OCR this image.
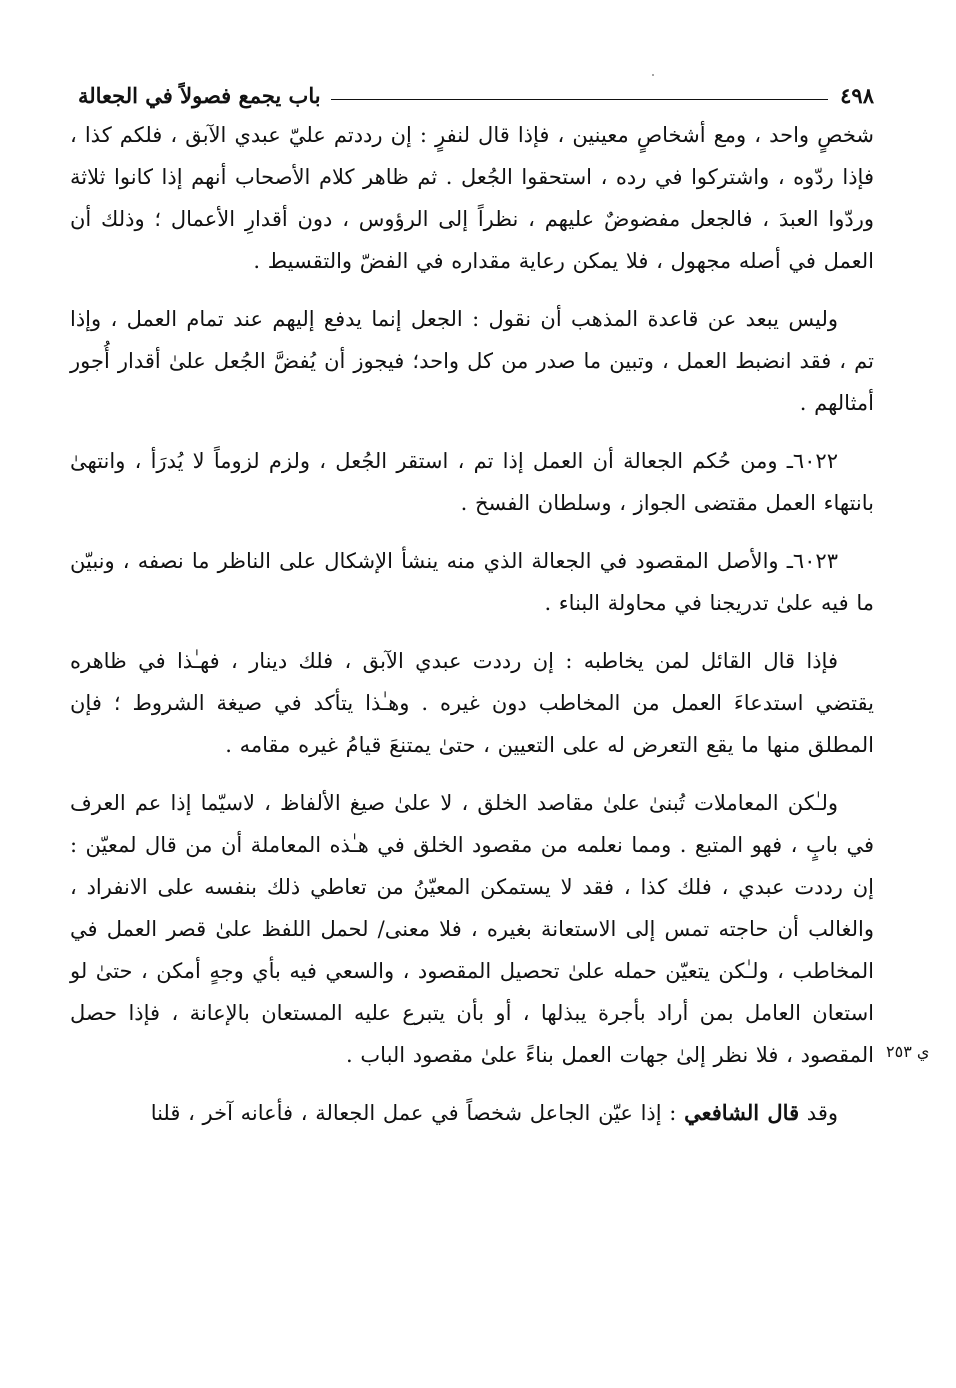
٤٩٨
باب يجمع فصولاً في الجعالة

شخصٍ واحد ، ومع أشخاصٍ معينين ، فإذا قال لنفرٍ : إن رددتم عليّ عبدي الآبق ، فلكم كذا ، فإذا ردّوه ، واشتركوا في رده ، استحقوا الجُعل . ثم ظاهر كلام الأصحاب أنهم إذا كانوا ثلاثة وردّوا العبدَ ، فالجعل مفضوضٌ عليهم ، نظراً إلى الرؤوس ، دون أقدارِ الأعمال ؛ وذلك أن العمل في أصله مجهول ، فلا يمكن رعاية مقداره في الفضّ والتقسيط .

وليس يبعد عن قاعدة المذهب أن نقول : الجعل إنما يدفع إليهم عند تمام العمل ، وإذا تم ، فقد انضبط العمل ، وتبين ما صدر من كل واحد؛ فيجوز أن يُفضَّ الجُعل علىٰ أقدار أُجور أمثالهم .

٦٠٢٢ـ ومن حُكم الجعالة أن العمل إذا تم ، استقر الجُعل ، ولزم لزوماً لا يُدرَأ ، وانتهىٰ بانتهاء العمل مقتضى الجواز ، وسلطان الفسخ .

٦٠٢٣ـ والأصل المقصود في الجعالة الذي منه ينشأ الإشكال على الناظر ما نصفه ، ونبيّن ما فيه علىٰ تدريجنا في محاولة البناء .

فإذا قال القائل لمن يخاطبه : إن رددت عبدي الآبق ، فلك دينار ، فهـٰذا في ظاهره يقتضي استدعاءَ العمل من المخاطب دون غيره . وهـٰذا يتأكد في صيغة الشروط ؛ فإن المطلق منها ما يقع التعرض له على التعيين ، حتىٰ يمتنعَ قيامُ غيره مقامه .

ولـٰكن المعاملات تُبنىٰ علىٰ مقاصد الخلق ، لا علىٰ صيغ الألفاظ ، لاسيّما إذا عم العرف في بابٍ ، فهو المتبع . ومما نعلمه من مقصود الخلق في هـٰذه المعاملة أن من قال لمعيّن : إن رددت عبدي ، فلك كذا ، فقد لا يستمكن المعيّنُ من تعاطي ذلك بنفسه على الانفراد ، والغالب أن حاجته تمس إلى الاستعانة بغيره ، فلا معنى/ لحمل اللفظ علىٰ قصر العمل في المخاطب ، ولـٰكن يتعيّن حمله علىٰ تحصيل المقصود ، والسعي فيه بأي وجهٍ أمكن ، حتىٰ لو استعان العامل بمن أراد بأجرة يبذلها ، أو بأن يتبرع عليه المستعان بالإعانة ، فإذا حصل المقصود ، فلا نظر إلىٰ جهات العمل بناءً علىٰ مقصود الباب .

وقد قال الشافعي : إذا عيّن الجاعل شخصاً في عمل الجعالة ، فأعانه آخر ، قلنا

ي ٢٥٣
